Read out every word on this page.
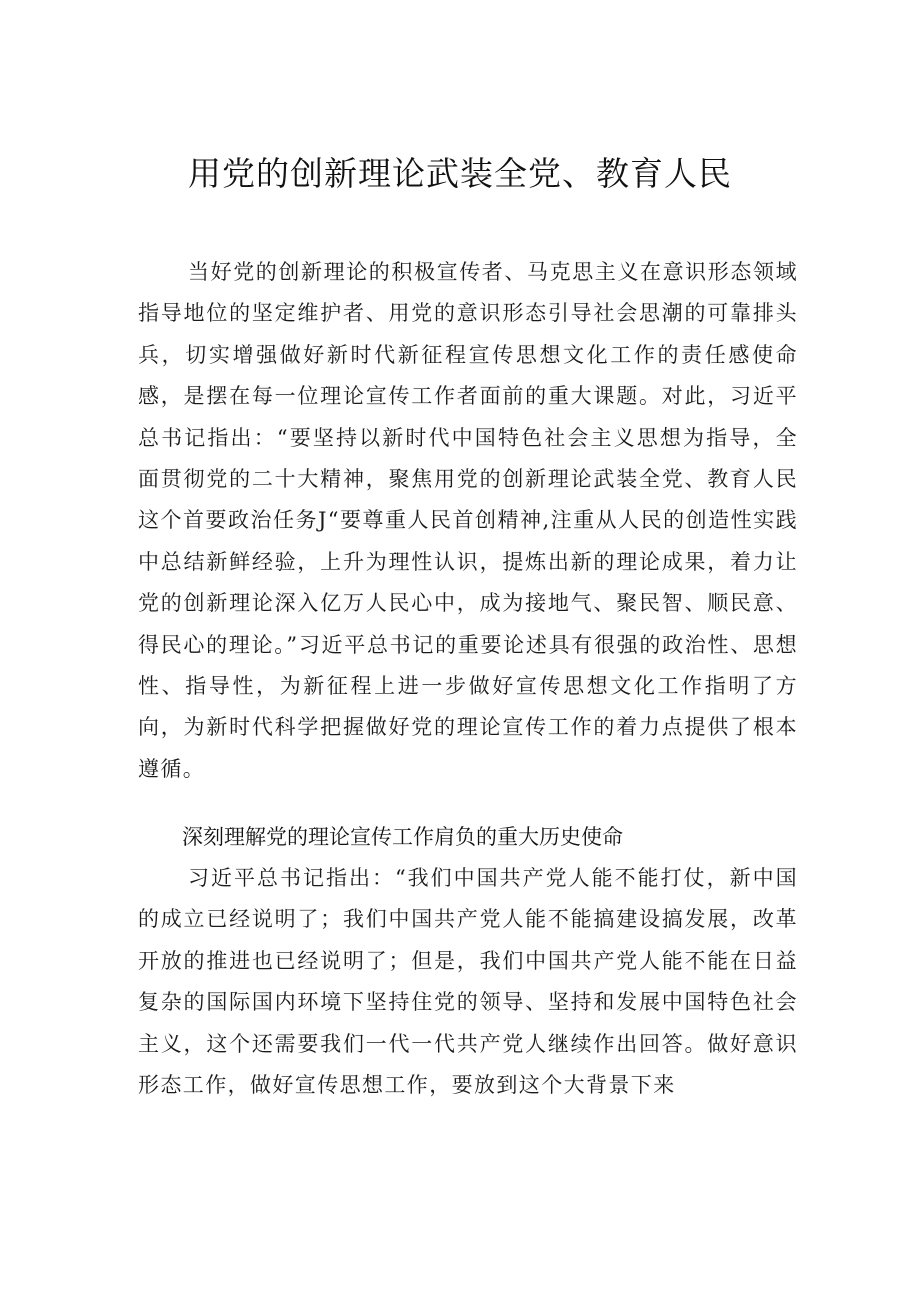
用党的创新理论武装全党、教育人民

当好党的创新理论的积极宣传者、马克思主义在意识形态领域指导地位的坚定维护者、用党的意识形态引导社会思潮的可靠排头兵，切实增强做好新时代新征程宣传思想文化工作的责任感使命感，是摆在每一位理论宣传工作者面前的重大课题。对此，习近平总书记指出：“要坚持以新时代中国特色社会主义思想为指导，全面贯彻党的二十大精神，聚焦用党的创新理论武装全党、教育人民这个首要政治任务J“要尊重人民首创精神,注重从人民的创造性实践中总结新鲜经验，上升为理性认识，提炼出新的理论成果，着力让党的创新理论深入亿万人民心中，成为接地气、聚民智、顺民意、得民心的理论。”习近平总书记的重要论述具有很强的政治性、思想性、指导性，为新征程上进一步做好宣传思想文化工作指明了方向，为新时代科学把握做好党的理论宣传工作的着力点提供了根本遵循。

深刻理解党的理论宣传工作肩负的重大历史使命

习近平总书记指出：“我们中国共产党人能不能打仗，新中国的成立已经说明了；我们中国共产党人能不能搞建设搞发展，改革开放的推进也已经说明了；但是，我们中国共产党人能不能在日益复杂的国际国内环境下坚持住党的领导、坚持和发展中国特色社会主义，这个还需要我们一代一代共产党人继续作出回答。做好意识形态工作，做好宣传思想工作，要放到这个大背景下来
